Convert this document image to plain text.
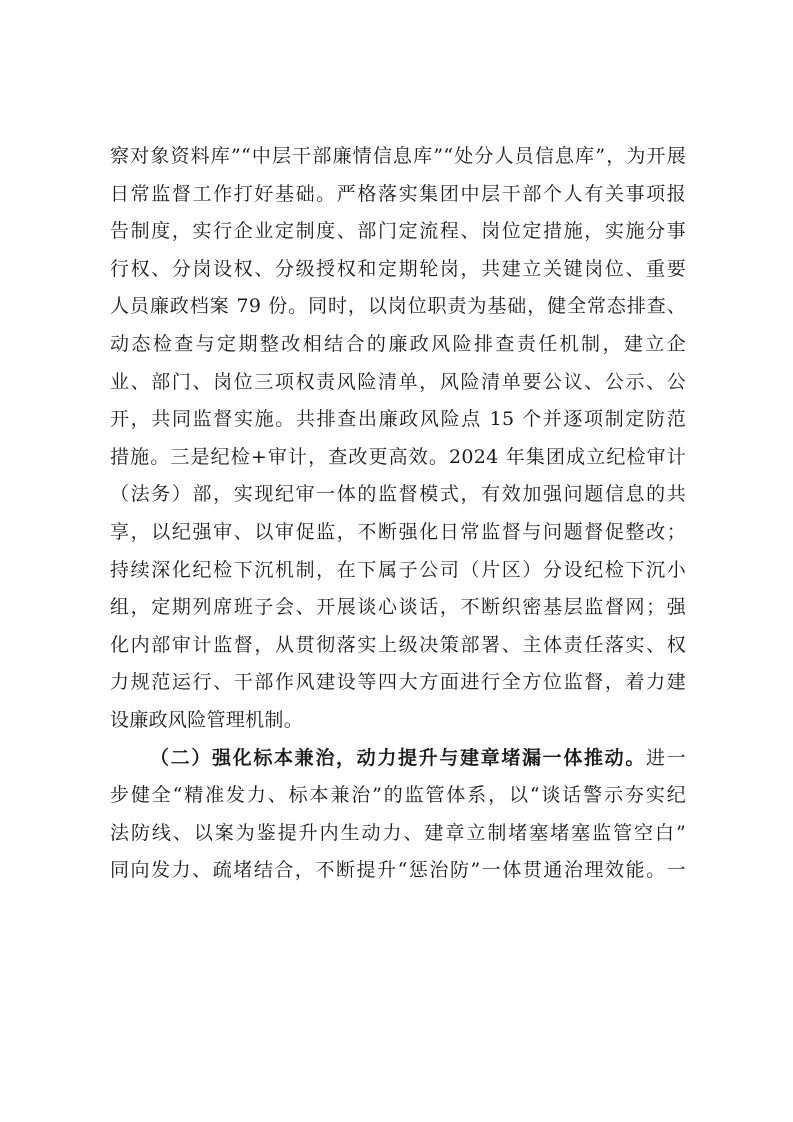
察对象资料库”“中层干部廉情信息库”“处分人员信息库”，为开展
日常监督工作打好基础。严格落实集团中层干部个人有关事项报
告制度，实行企业定制度、部门定流程、岗位定措施，实施分事
行权、分岗设权、分级授权和定期轮岗，共建立关键岗位、重要
人员廉政档案 79 份。同时，以岗位职责为基础，健全常态排查、
动态检查与定期整改相结合的廉政风险排查责任机制，建立企
业、部门、岗位三项权责风险清单，风险清单要公议、公示、公
开，共同监督实施。共排查出廉政风险点 15 个并逐项制定防范
措施。三是纪检+审计，查改更高效。2024 年集团成立纪检审计
（法务）部，实现纪审一体的监督模式，有效加强问题信息的共
享，以纪强审、以审促监，不断强化日常监督与问题督促整改；
持续深化纪检下沉机制，在下属子公司（片区）分设纪检下沉小
组，定期列席班子会、开展谈心谈话，不断织密基层监督网；强
化内部审计监督，从贯彻落实上级决策部署、主体责任落实、权
力规范运行、干部作风建设等四大方面进行全方位监督，着力建
设廉政风险管理机制。
（二）强化标本兼治，动力提升与建章堵漏一体推动。进一
步健全“精准发力、标本兼治”的监管体系，以“谈话警示夯实纪
法防线、以案为鉴提升内生动力、建章立制堵塞堵塞监管空白”
同向发力、疏堵结合，不断提升“惩治防”一体贯通治理效能。一
